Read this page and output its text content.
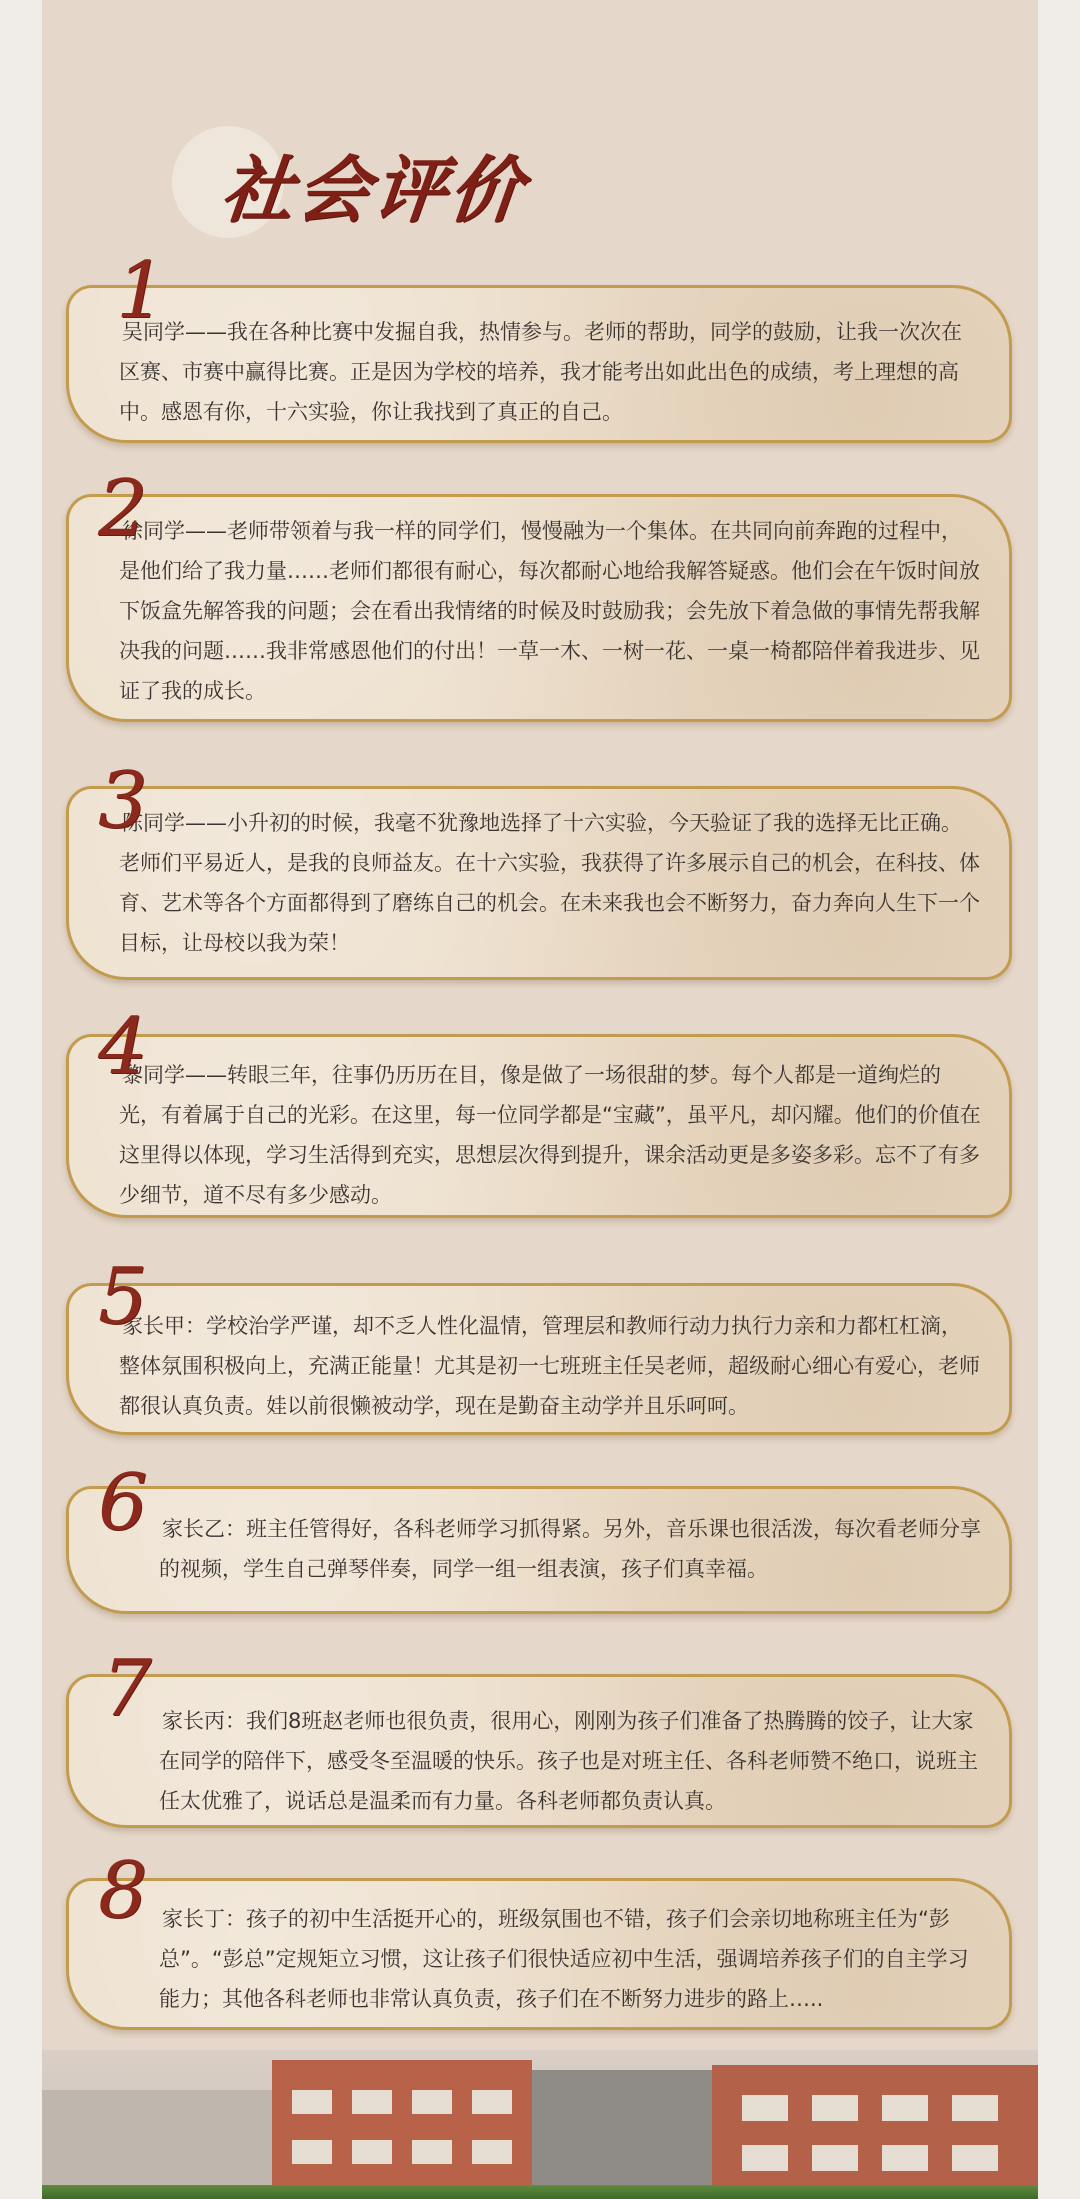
社会评价

吴同学——我在各种比赛中发掘自我，热情参与。老师的帮助，同学的鼓励，让我一次次在区赛、市赛中赢得比赛。正是因为学校的培养，我才能考出如此出色的成绩，考上理想的高中。感恩有你，十六实验，你让我找到了真正的自己。

1

徐同学——老师带领着与我一样的同学们，慢慢融为一个集体。在共同向前奔跑的过程中，是他们给了我力量……老师们都很有耐心，每次都耐心地给我解答疑惑。他们会在午饭时间放下饭盒先解答我的问题；会在看出我情绪的时候及时鼓励我；会先放下着急做的事情先帮我解决我的问题……我非常感恩他们的付出！一草一木、一树一花、一桌一椅都陪伴着我进步、见证了我的成长。

2

陈同学——小升初的时候，我毫不犹豫地选择了十六实验，今天验证了我的选择无比正确。老师们平易近人，是我的良师益友。在十六实验，我获得了许多展示自己的机会，在科技、体育、艺术等各个方面都得到了磨练自己的机会。在未来我也会不断努力，奋力奔向人生下一个目标，让母校以我为荣！

3

黎同学——转眼三年，往事仍历历在目，像是做了一场很甜的梦。每个人都是一道绚烂的光，有着属于自己的光彩。在这里，每一位同学都是“宝藏”，虽平凡，却闪耀。他们的价值在这里得以体现，学习生活得到充实，思想层次得到提升，课余活动更是多姿多彩。忘不了有多少细节，道不尽有多少感动。

4

家长甲：学校治学严谨，却不乏人性化温情，管理层和教师行动力执行力亲和力都杠杠滴，整体氛围积极向上，充满正能量！尤其是初一七班班主任吴老师，超级耐心细心有爱心，老师都很认真负责。娃以前很懒被动学，现在是勤奋主动学并且乐呵呵。

5

家长乙：班主任管得好，各科老师学习抓得紧。另外，音乐课也很活泼，每次看老师分享的视频，学生自己弹琴伴奏，同学一组一组表演，孩子们真幸福。

6

家长丙：我们8班赵老师也很负责，很用心，刚刚为孩子们准备了热腾腾的饺子，让大家在同学的陪伴下，感受冬至温暖的快乐。孩子也是对班主任、各科老师赞不绝口，说班主任太优雅了，说话总是温柔而有力量。各科老师都负责认真。

7

家长丁：孩子的初中生活挺开心的，班级氛围也不错，孩子们会亲切地称班主任为“彭总”。“彭总”定规矩立习惯，这让孩子们很快适应初中生活，强调培养孩子们的自主学习能力；其他各科老师也非常认真负责，孩子们在不断努力进步的路上…..

8
